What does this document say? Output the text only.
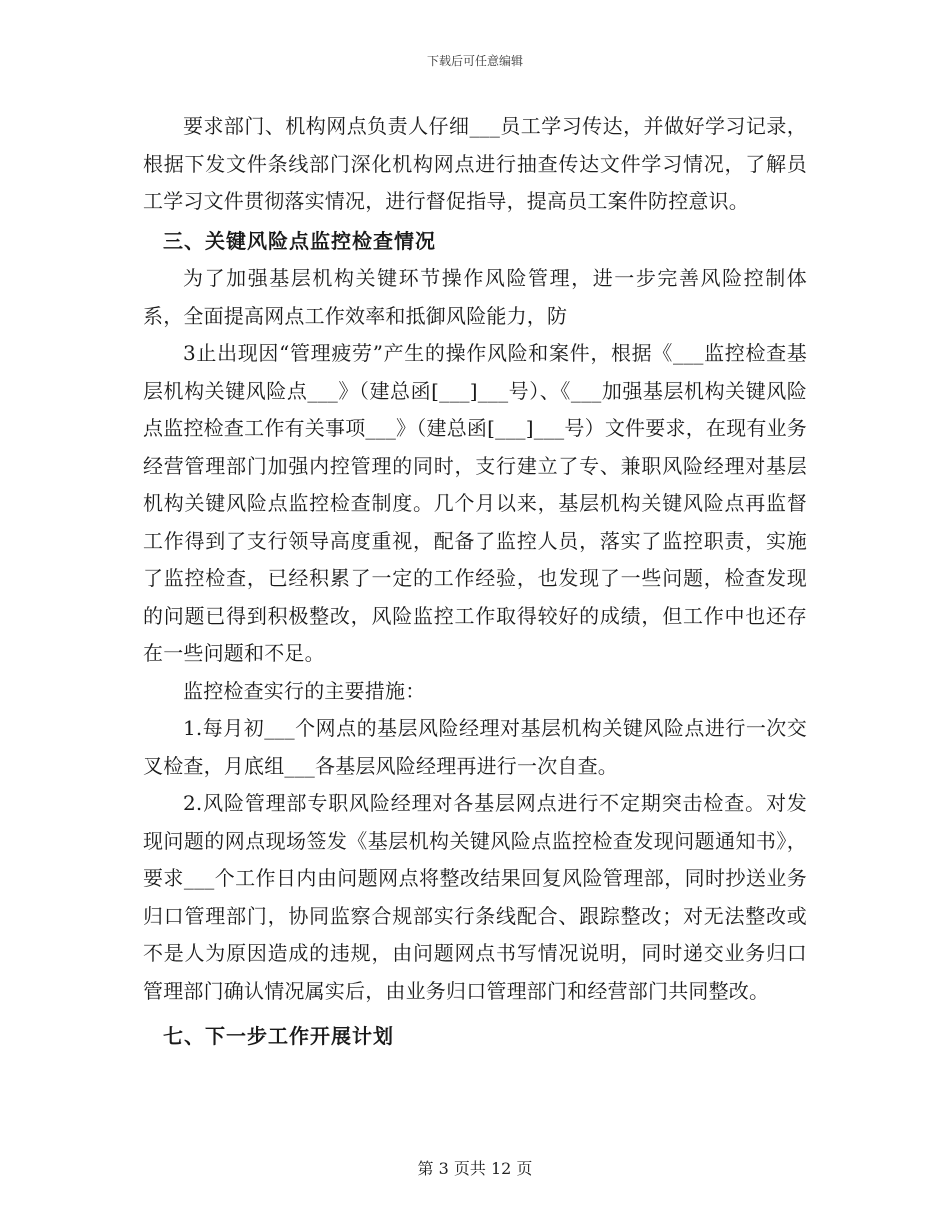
下载后可任意编辑

要求部门、机构网点负责人仔细___员工学习传达，并做好学习记录，根据下发文件条线部门深化机构网点进行抽查传达文件学习情况，了解员工学习文件贯彻落实情况，进行督促指导，提高员工案件防控意识。

三、关键风险点监控检查情况

为了加强基层机构关键环节操作风险管理，进一步完善风险控制体系，全面提高网点工作效率和抵御风险能力，防

3止出现因“管理疲劳”产生的操作风险和案件，根据《___监控检查基层机构关键风险点___》（建总函[___]___号）、《___加强基层机构关键风险点监控检查工作有关事项___》（建总函[___]___号）文件要求，在现有业务经营管理部门加强内控管理的同时，支行建立了专、兼职风险经理对基层机构关键风险点监控检查制度。几个月以来，基层机构关键风险点再监督工作得到了支行领导高度重视，配备了监控人员，落实了监控职责，实施了监控检查，已经积累了一定的工作经验，也发现了一些问题，检查发现的问题已得到积极整改，风险监控工作取得较好的成绩，但工作中也还存在一些问题和不足。

监控检查实行的主要措施：

1.每月初___个网点的基层风险经理对基层机构关键风险点进行一次交叉检查，月底组___各基层风险经理再进行一次自查。

2.风险管理部专职风险经理对各基层网点进行不定期突击检查。对发现问题的网点现场签发《基层机构关键风险点监控检查发现问题通知书》，要求___个工作日内由问题网点将整改结果回复风险管理部，同时抄送业务归口管理部门，协同监察合规部实行条线配合、跟踪整改；对无法整改或不是人为原因造成的违规，由问题网点书写情况说明，同时递交业务归口管理部门确认情况属实后，由业务归口管理部门和经营部门共同整改。

七、下一步工作开展计划

第 3 页共 12 页
